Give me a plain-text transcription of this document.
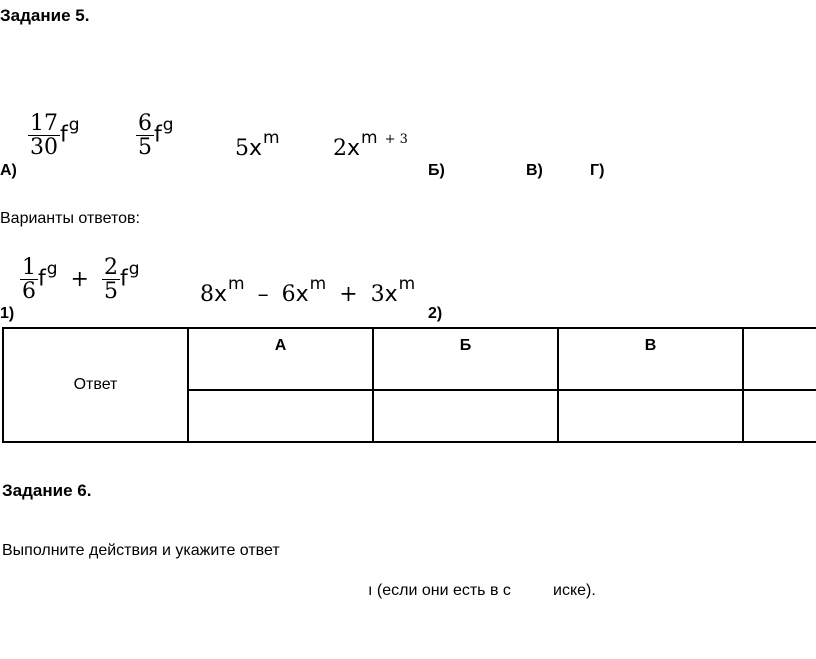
Задание 5.
$\frac{17}{30} f^g$	$\frac{6}{5} f^g$
$5x^m$ $2x^m$ $^{+ 3}$
А)	Б)	В)	Г)
Варианты ответов:
$\frac{1}{6} f^g + \frac{2}{5} f^g$
$8x^m - 6x^m + 3x^m$
1)	2)
Ответ	А	Б	В	

Задание 6.
Выполните действия и укажите ответ
ı (если они есть в с	иске).
